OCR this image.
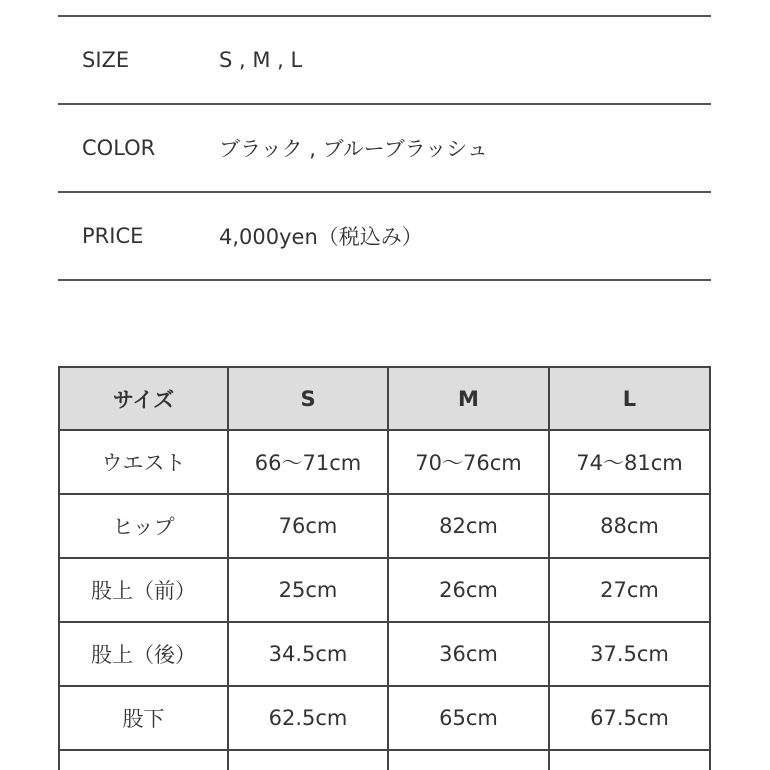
SIZE	S , M , L
COLOR	ブラック , ブルーブラッシュ
PRICE	4,000yen（税込み）
サイズ	S	M	L
ウエスト	66〜71cm	70〜76cm	74〜81cm
ヒップ	76cm	82cm	88cm
股上（前）	25cm	26cm	27cm
股上（後）	34.5cm	36cm	37.5cm
股下	62.5cm	65cm	67.5cm
